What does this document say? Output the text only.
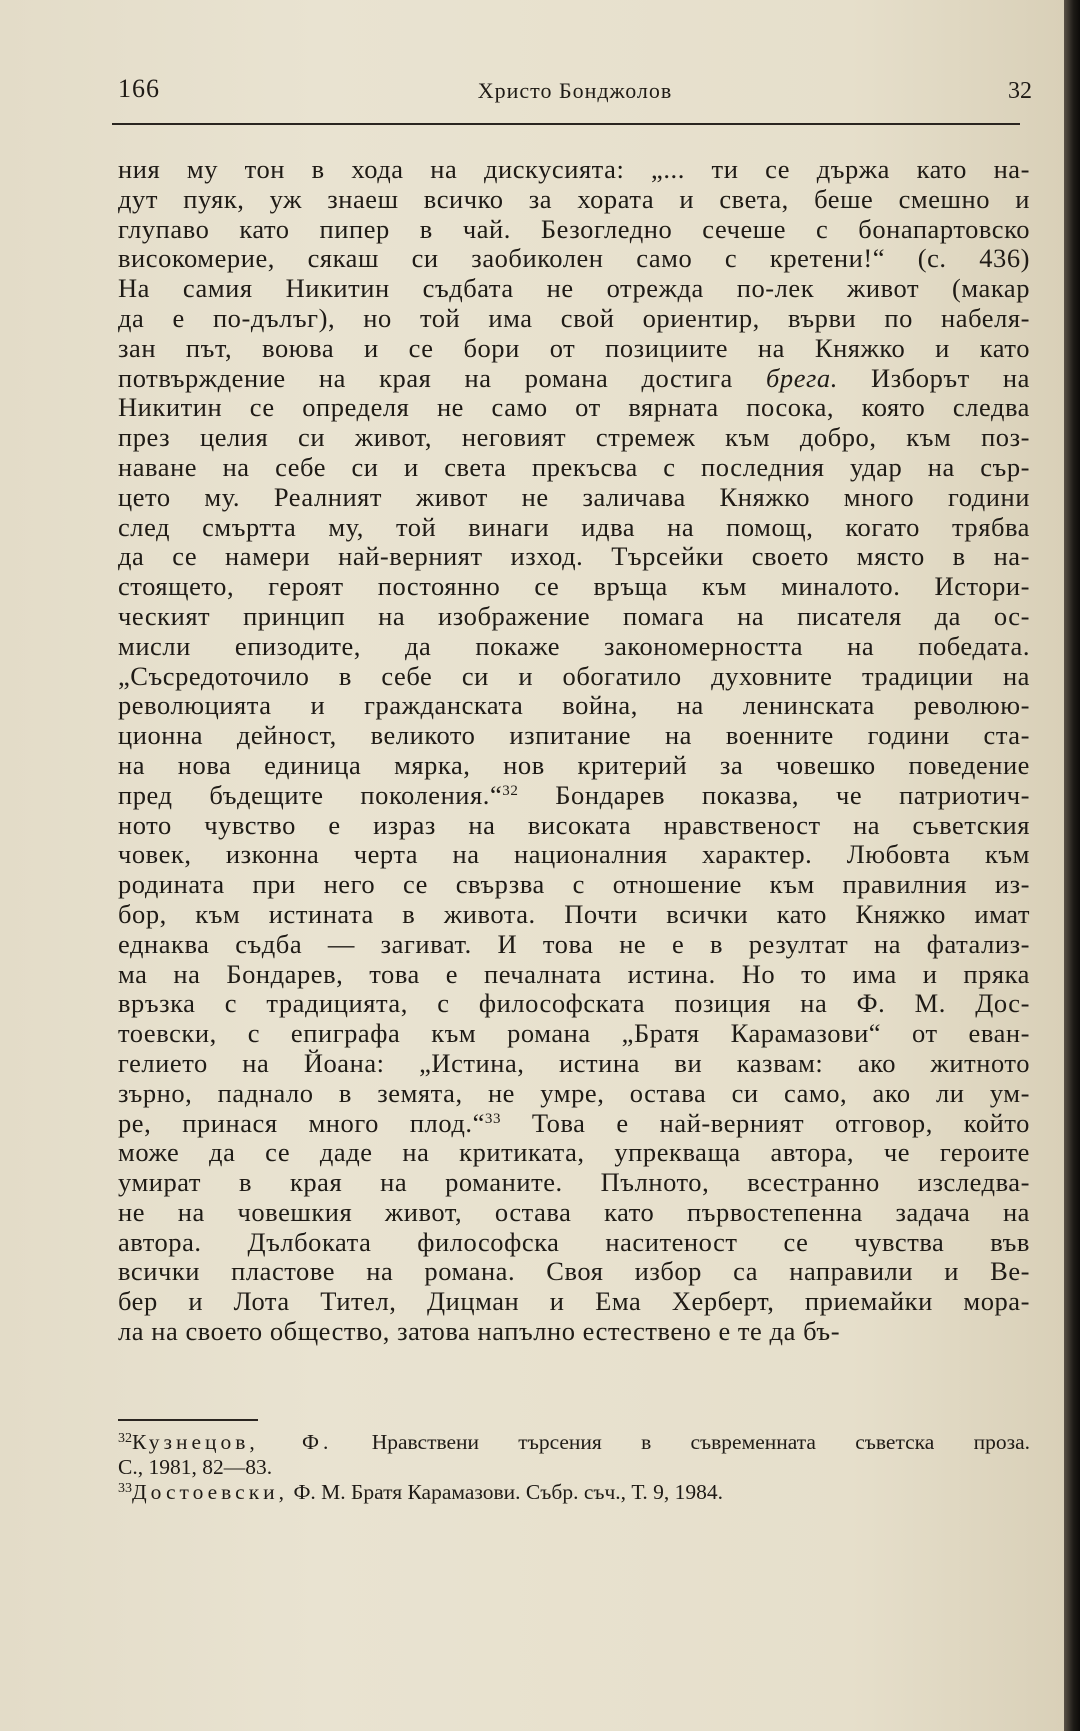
166	Христо Бонджолов	32
ния му тон в хода на дискусията: „... ти се държа като на-
дут пуяк, уж знаеш всичко за хората и света, беше смешно и
глупаво като пипер в чай. Безогледно сечеше с бонапартовско
високомерие, сякаш си заобиколен само с кретени!“ (с. 436)
На самия Никитин съдбата не отрежда по-лек живот (макар
да е по-дълъг), но той има свой ориентир, върви по набеля-
зан път, воюва и се бори от позициите на Княжко и като
потвърждение на края на романа достига брега. Изборът на
Никитин се определя не само от вярната посока, която следва
през целия си живот, неговият стремеж към добро, към поз-
наване на себе си и света прекъсва с последния удар на сър-
цето му. Реалният живот не заличава Княжко много години
след смъртта му, той винаги идва на помощ, когато трябва
да се намери най-верният изход. Търсейки своето място в на-
стоящето, героят постоянно се връща към миналото. Истори-
ческият принцип на изображение помага на писателя да ос-
мисли епизодите, да покаже закономерността на победата.
„Съсредоточило в себе си и обогатило духовните традиции на
революцията и гражданската война, на ленинската революю-
ционна дейност, великото изпитание на военните години ста-
на нова единица мярка, нов критерий за човешко поведение
пред бъдещите поколения.“$^{32}$ Бондарев показва, че патриотич-
ното чувство е израз на високата нравственост на съветския
човек, изконна черта на националния характер. Любовта към
родината при него се свързва с отношение към правилния из-
бор, към истината в живота. Почти всички като Княжко имат
еднаква съдба — загиват. И това не е в резултат на фатализ-
ма на Бондарев, това е печалната истина. Но то има и пряка
връзка с традицията, с философската позиция на Ф. М. Дос-
тоевски, с епиграфа към романа „Братя Карамазови“ от еван-
гелието на Йоана: „Истина, истина ви казвам: ако житното
зърно, паднало в земята, не умре, остава си само, ако ли ум-
ре, принася много плод.“$^{33}$ Това е най-верният отговор, който
може да се даде на критиката, упрекваща автора, че героите
умират в края на романите. Пълното, всестранно изследва-
не на човешкия живот, остава като първостепенна задача на
автора. Дълбоката философска наситеност се чувства във
всички пластове на романа. Своя избор са направили и Ве-
бер и Лота Тител, Дицман и Ема Херберт, приемайки мора-
ла на своето общество, затова напълно естествено е те да бъ-
$^{32}$Кузнецов, Ф. Нравствени търсения в съвременната съветска проза.
С., 1981, 82—83.
$^{33}$Достоевски, Ф. М. Братя Карамазови. Събр. съч., Т. 9, 1984.
